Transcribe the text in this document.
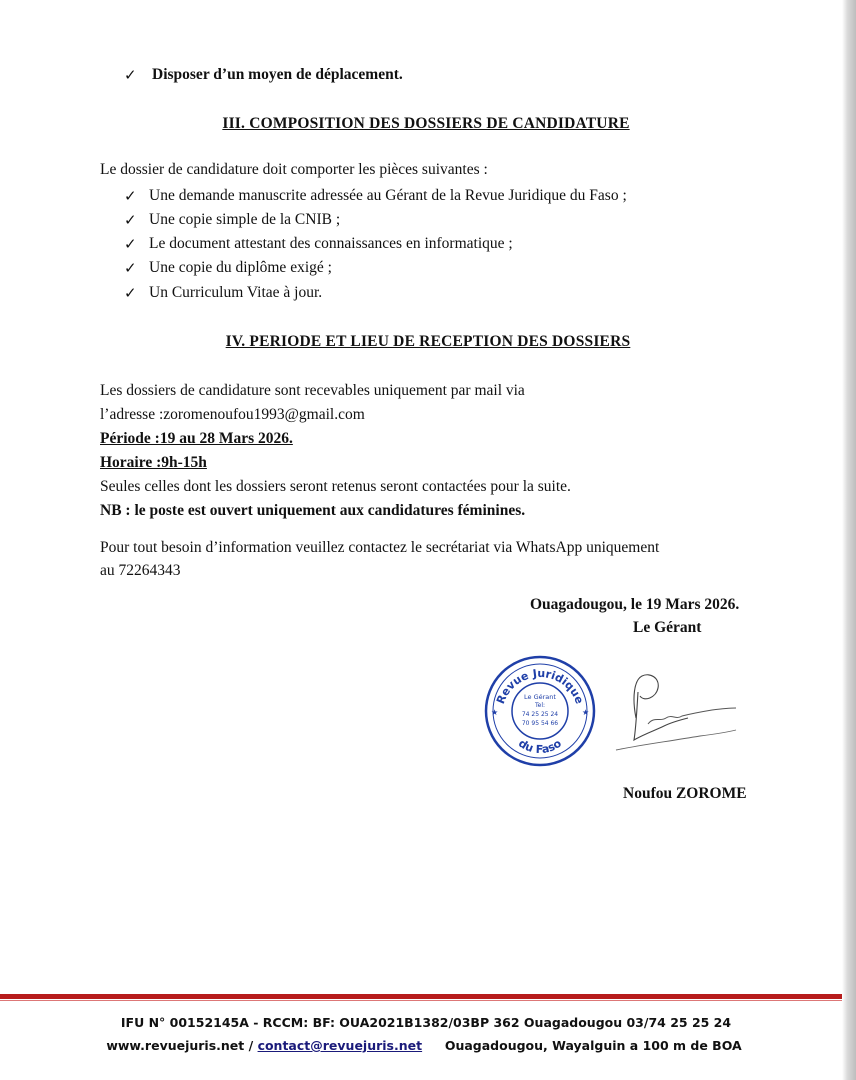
✓ Disposer d’un moyen de déplacement.
III. COMPOSITION DES DOSSIERS DE CANDIDATURE
Le dossier de candidature doit comporter les pièces suivantes :
✓ Une demande manuscrite adressée au Gérant de la Revue Juridique du Faso ;
✓ Une copie simple de la CNIB ;
✓ Le document attestant des connaissances en informatique ;
✓ Une copie du diplôme exigé ;
✓ Un Curriculum Vitae à jour.
IV. PERIODE ET LIEU DE RECEPTION DES DOSSIERS
Les dossiers de candidature sont recevables uniquement par mail via
l’adresse :zoromenoufou1993@gmail.com
Période :19 au 28 Mars 2026.
Horaire :9h-15h
Seules celles dont les dossiers seront retenus seront contactées pour la suite.
NB : le poste est ouvert uniquement aux candidatures féminines.
Pour tout besoin d’information veuillez contactez le secrétariat via WhatsApp uniquement
au 72264343
Ouagadougou, le 19 Mars 2026.
Le Gérant
Revue Juridique
du Faso
★	★
Le Gérant
Tel:
74 25 25 24
70 95 54 66
Noufou ZOROME
IFU N° 00152145A - RCCM: BF: OUA2021B1382/03BP 362 Ouagadougou 03/74 25 25 24
www.revuejuris.net / contact@revuejuris.net Ouagadougou, Wayalguin a 100 m de BOA
